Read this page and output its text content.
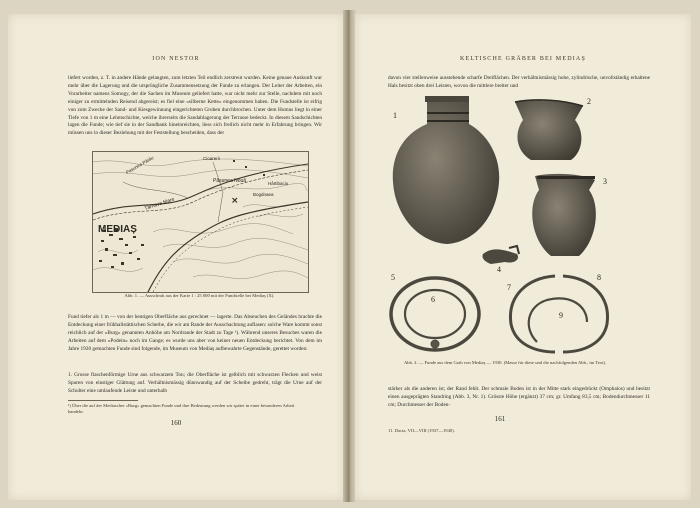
ION NESTOR
liefert worden, z. T. in andere Hände gelangten, zum letzten Teil endlich zerstreut wurden. Keine genaue Auskunft war mehr über die Lagerung und die ursprüngliche Zusammensetzung der Funde zu erlangen. Der Leiter der Arbeiten, ein Vorarbeiter namens Somogy, der die Sachen im Museum geliefert hatte, war nicht mehr zur Stelle, nachdem mit noch einiger zu ermittelnden Reisend abgereist; es fiel eine «silberne Kette» eingenommen haben. Die Fundstelle ist eifrig von zum Zwecke der Sand- und Kiesgewinnung eingerichteten Gruben durchbrochen. Unter dem Humus liegt in einer Tiefe von 1 m eine Lehmschichte, welche ihrerseits die Sandablagerung der Terrasse bedeckt. In diesem Sandschichten lagen die Funde; wie tief sie in der Sandbank hineinreichten, liess sich freilich nicht mehr in Erfahrung bringen. Wir müssen uns in dieser Beziehung mit der Feststellung bescheiden, dass der
Fund tiefer als 1 m — von der heutigen Oberfläche aus gerechnet — lagerte. Das Abseuchen des Geländes brachte die Entdeckung einer frühhallstättischen Scherbe, die wir am Rande der Ausschachtung auflasen: solche Ware kommt sonst reichlich auf der «Burg» genannten Anhöhe am Nordrande der Stadt zu Tage ¹). Während unseres Besuches waren die Arbeiten auf dem «Podein» noch im Gange; es wurde uns aber von keiner neuen Entdeckung berichtet. Von dem im Jahre 1930 gemachten Funde sind folgende, im Museum von Mediaș aufbewahrte Gegenstände, gerettet worden:
1. Grosse flaschenförmige Urne aus schwarzem Ton; die Oberfläche ist gelblich mit schwarzen Flecken und weist Spuren von einstiger Glättung auf. Verhältnismässig dünnwandig auf der Scheibe gedreht, trägt die Urne auf der Schulter eine umlaufende Leiste und unterhalb
¹) Über die auf der Mediascher «Burg» gemachten Funde und ihre Bedeutung werden wir später in einer besonderen Arbeit handeln.
160
×
MEDIAȘ
Pășunea Nouă
Târnava Mare
Cioarerii
Pașunea Pârâu
Bogdnaea
Hârtibaciu
Abb. 1. — Ausschnitt aus der Karte 1 : 25 000 mit der Fundstelle bei Mediaș (X).
KELTISCHE GRÄBER BEI MEDIAȘ
davon vier stellenweise ausstehende scharfe Dreiflächen. Der verhältnismässig hohe, zylindrische, unvollständig erhaltene Hals besitzt oben drei Leisten, wovon die mittlere breiter und
stärker als die anderen ist; der Rand fehlt. Der schmale Boden ist in der Mitte stark eingedrückt (Omphalos) und besitzt einen ausgeprägten Standring (Abb. 3, Nr. 1). Grösste Höhe (ergänzt) 37 cm; gr. Umfang 83,5 cm; Bodendurchmesser 11 cm; Durchmesser der Boden-
11. Dacia, VII—VIII (1937—1940).
161
1
2
3
4
5
6
7
8
9
Abb. 2. — Funde aus dem Grab von Mediaș — 1930. (Masse für diese und die nachfolgenden Abb., im Text).
